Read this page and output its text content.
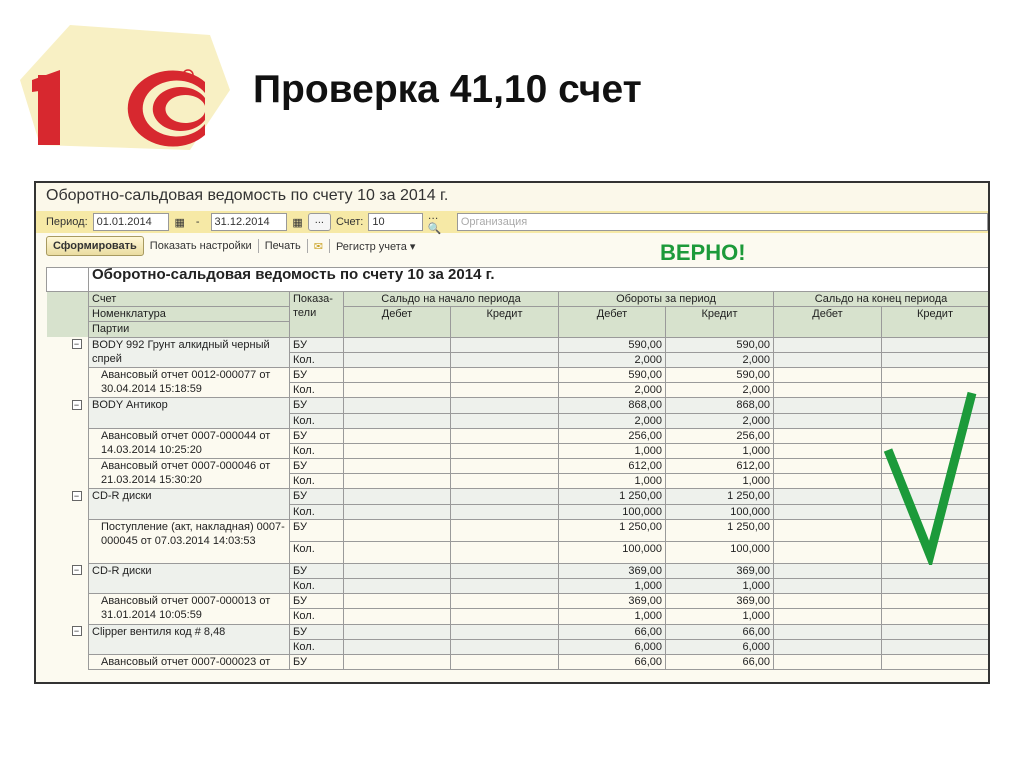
Проверка 41,10 счет
Оборотно-сальдовая ведомость по счету 10 за 2014 г.
Период: 01.01.2014	▦ -	31.12.2014	▦	...	Счет: 10
…🔍
Организация
Сформировать	Показать настройки Печать ✉ Регистр учета ▾
	Оборотно-сальдовая ведомость по счету 10 за 2014 г.							
	Счет	Показа-
тели	Сальдо на начало периода		Обороты за период		Сальдо на конец периода	
	Номенклатура		Дебет	Кредит	Дебет	Кредит	Дебет	Кредит
	Партии							
−	BODY 992 Грунт алкидный черный спрей	БУ			590,00	590,00		
		Кол.			2,000	2,000		
	Авансовый отчет 0012-000077 от 30.04.2014 15:18:59	БУ			590,00	590,00		
		Кол.			2,000	2,000		
−	BODY Антикор	БУ			868,00	868,00		
		Кол.			2,000	2,000		
	Авансовый отчет 0007-000044 от 14.03.2014 10:25:20	БУ			256,00	256,00		
		Кол.			1,000	1,000		
	Авансовый отчет 0007-000046 от 21.03.2014 15:30:20	БУ			612,00	612,00		
		Кол.			1,000	1,000		
−	CD-R диски	БУ			1 250,00	1 250,00		
		Кол.			100,000	100,000		
	Поступление (акт, накладная) 0007-000045 от 07.03.2014 14:03:53	БУ			1 250,00	1 250,00		
		Кол.			100,000	100,000		
−	CD-R диски	БУ			369,00	369,00		
		Кол.			1,000	1,000		
	Авансовый отчет 0007-000013 от 31.01.2014 10:05:59	БУ			369,00	369,00		
		Кол.			1,000	1,000		
−	Clipper вентиля код # 8,48	БУ			66,00	66,00		
		Кол.			6,000	6,000		
	Авансовый отчет 0007-000023 от	БУ			66,00	66,00		
ВЕРНО!
